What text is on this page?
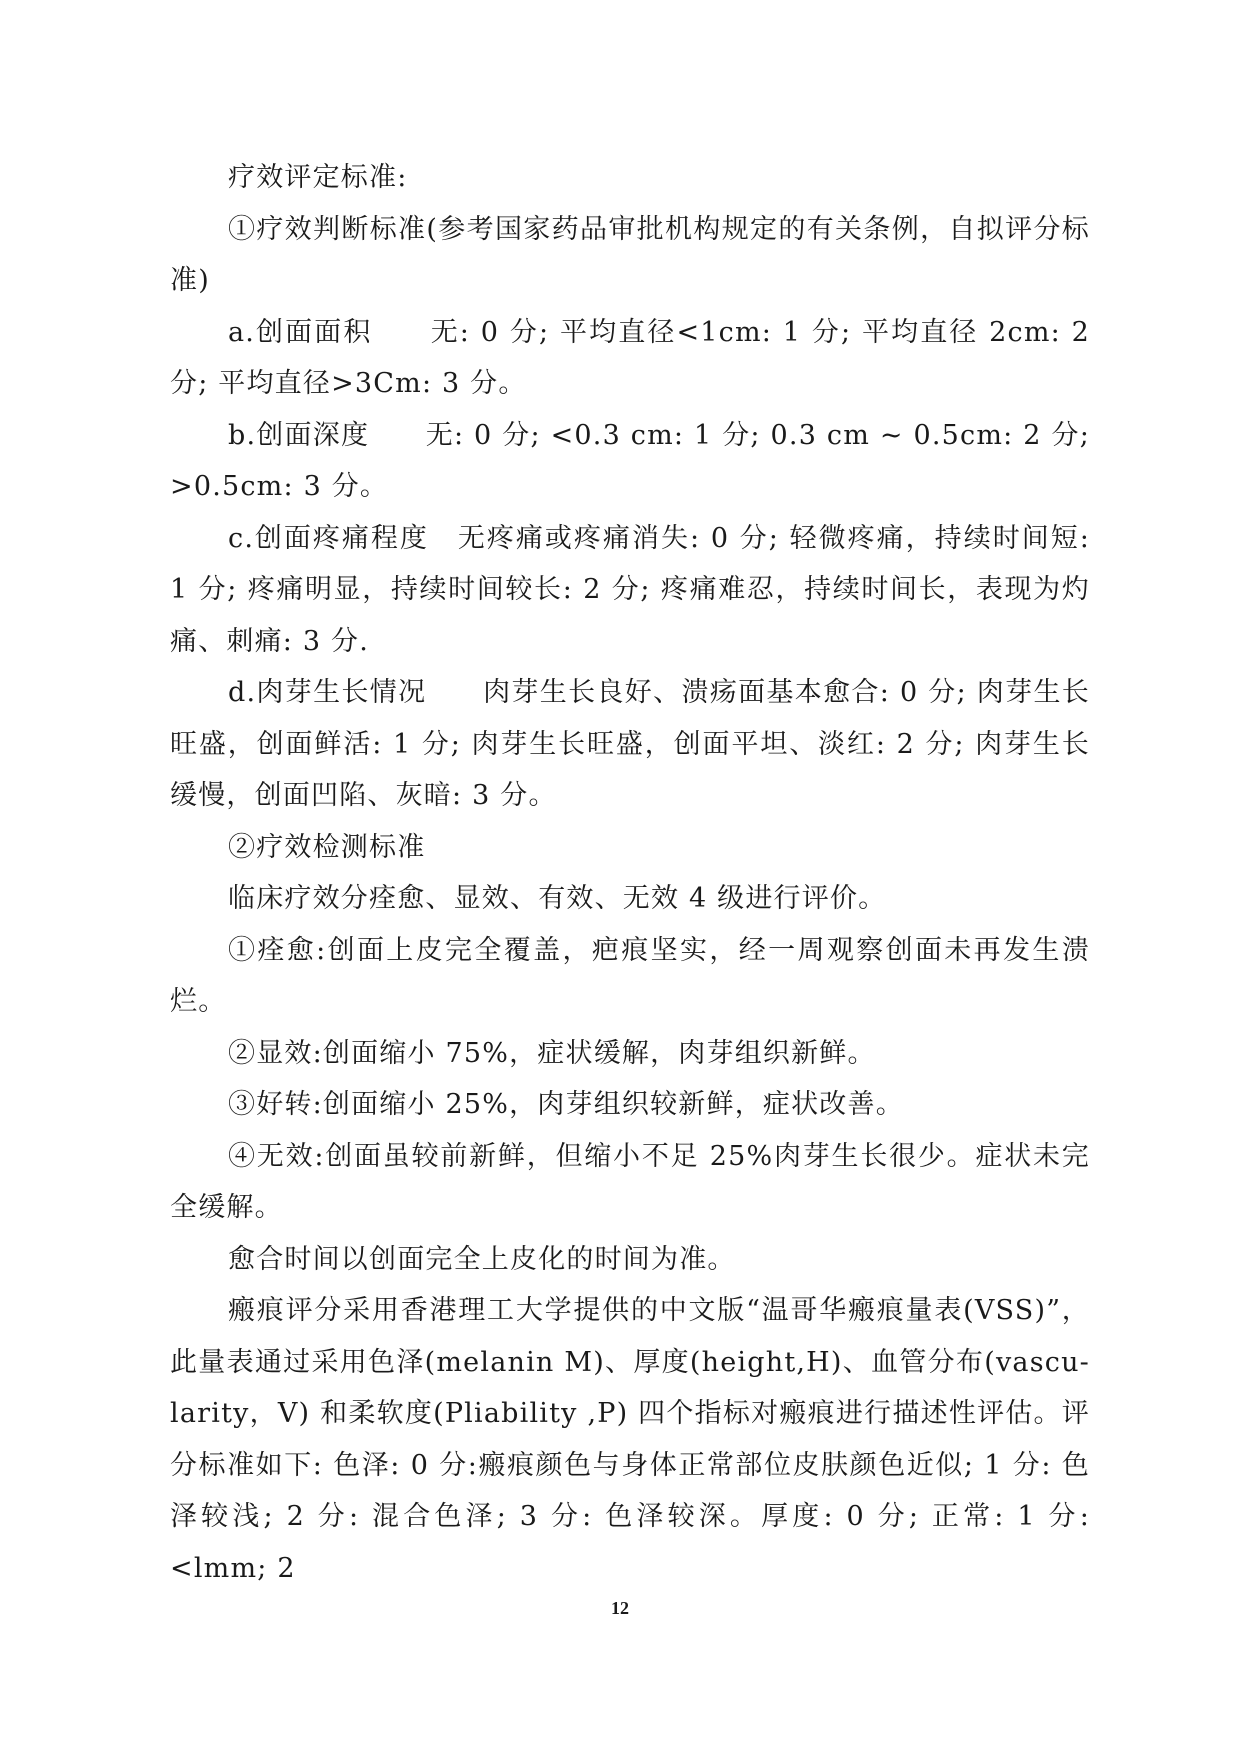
疗效评定标准:

①疗效判断标准(参考国家药品审批机构规定的有关条例，自拟评分标准)

a.创面面积　　无: 0 分; 平均直径<1cm: 1 分; 平均直径 2cm: 2 分; 平均直径>3Cm: 3 分。

b.创面深度　　无: 0 分; <0.3 cm: 1 分; 0.3 cm ~ 0.5cm: 2 分; >0.5cm: 3 分。

c.创面疼痛程度　无疼痛或疼痛消失: 0 分; 轻微疼痛，持续时间短: 1 分; 疼痛明显，持续时间较长: 2 分; 疼痛难忍，持续时间长，表现为灼痛、刺痛: 3 分.

d.肉芽生长情况　　肉芽生长良好、溃疡面基本愈合: 0 分; 肉芽生长旺盛，创面鲜活: 1 分; 肉芽生长旺盛，创面平坦、淡红: 2 分; 肉芽生长缓慢，创面凹陷、灰暗: 3 分。

②疗效检测标准

临床疗效分痊愈、显效、有效、无效 4 级进行评价。

①痊愈:创面上皮完全覆盖，疤痕坚实，经一周观察创面未再发生溃烂。

②显效:创面缩小 75%，症状缓解，肉芽组织新鲜。

③好转:创面缩小 25%，肉芽组织较新鲜，症状改善。

④无效:创面虽较前新鲜，但缩小不足 25%肉芽生长很少。症状未完全缓解。

愈合时间以创面完全上皮化的时间为准。

瘢痕评分采用香港理工大学提供的中文版“温哥华瘢痕量表(VSS)”，此量表通过采用色泽(melanin M)、厚度(height,H)、血管分布(vascu-larity，V) 和柔软度(Pliability ,P) 四个指标对瘢痕进行描述性评估。评分标准如下: 色泽: 0 分:瘢痕颜色与身体正常部位皮肤颜色近似; 1 分: 色泽较浅; 2 分: 混合色泽; 3 分: 色泽较深。厚度: 0 分; 正常: 1 分: <lmm; 2

12
